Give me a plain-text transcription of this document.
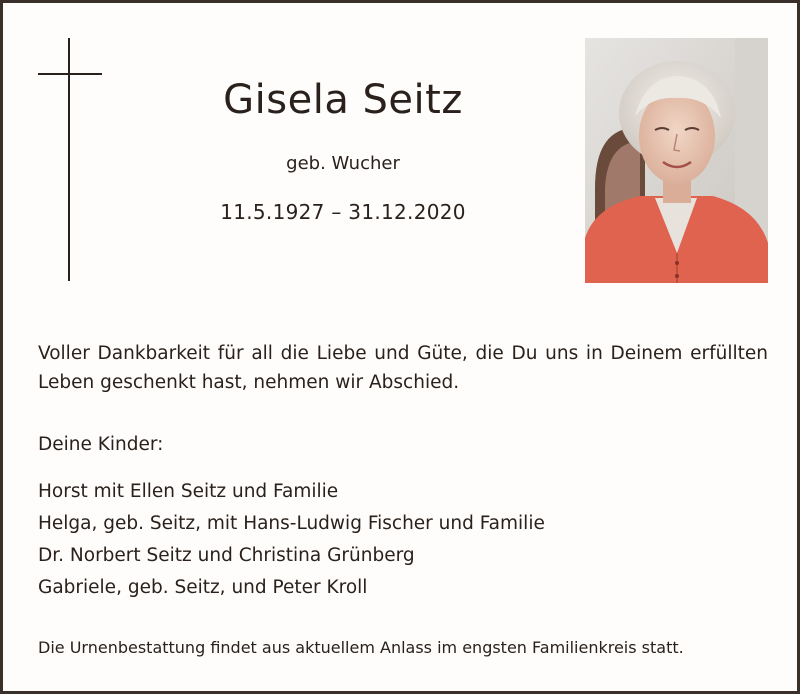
Gisela Seitz
geb. Wucher
11.5.1927 – 31.12.2020
Voller Dankbarkeit für all die Liebe und Güte, die Du uns in Deinem erfüllten Leben geschenkt hast, nehmen wir Abschied.
Deine Kinder:
Horst mit Ellen Seitz und Familie
Helga, geb. Seitz, mit Hans-Ludwig Fischer und Familie
Dr. Norbert Seitz und Christina Grünberg
Gabriele, geb. Seitz, und Peter Kroll
Die Urnenbestattung findet aus aktuellem Anlass im engsten Familienkreis statt.
